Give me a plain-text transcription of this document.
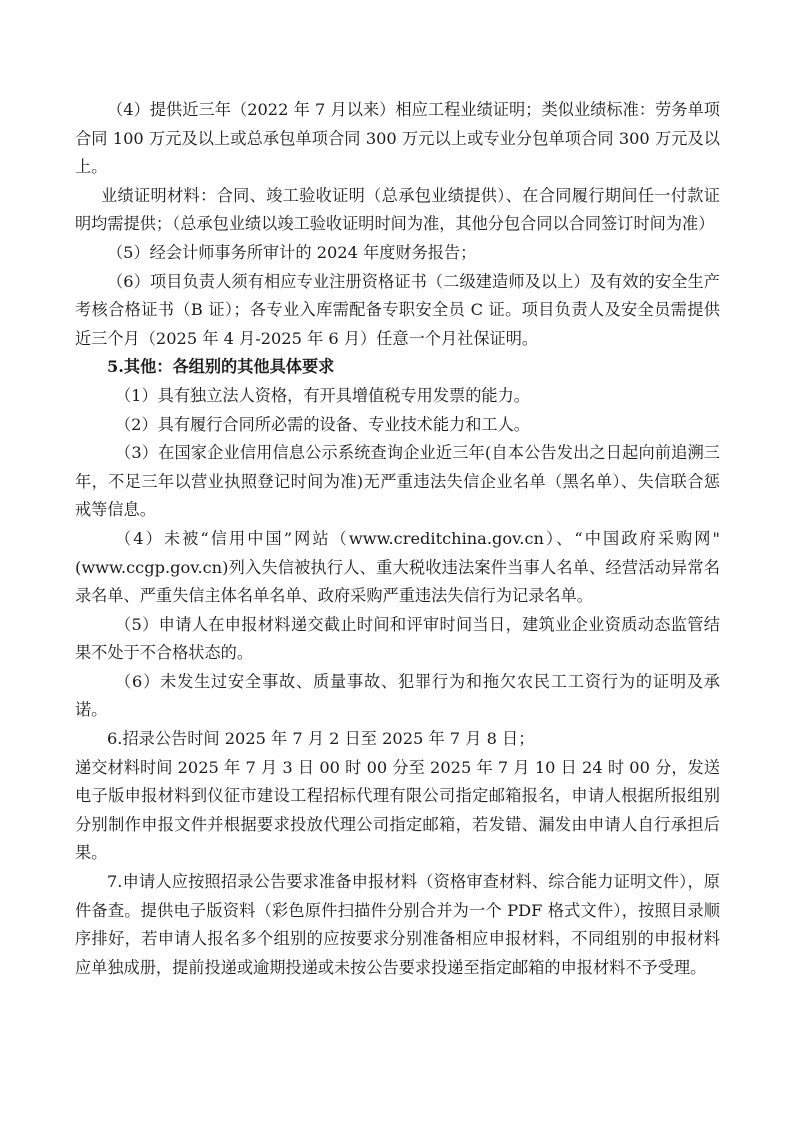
（4）提供近三年（2022 年 7 月以来）相应工程业绩证明；类似业绩标准：劳务单项合同 100 万元及以上或总承包单项合同 300 万元以上或专业分包单项合同 300 万元及以上。

业绩证明材料：合同、竣工验收证明（总承包业绩提供）、在合同履行期间任一付款证明均需提供；（总承包业绩以竣工验收证明时间为准，其他分包合同以合同签订时间为准）

（5）经会计师事务所审计的 2024 年度财务报告；

（6）项目负责人须有相应专业注册资格证书（二级建造师及以上）及有效的安全生产考核合格证书（B 证）；各专业入库需配备专职安全员 C 证。项目负责人及安全员需提供近三个月（2025 年 4 月-2025 年 6 月）任意一个月社保证明。

5.其他：各组别的其他具体要求

（1）具有独立法人资格，有开具增值税专用发票的能力。

（2）具有履行合同所必需的设备、专业技术能力和工人。

（3）在国家企业信用信息公示系统查询企业近三年(自本公告发出之日起向前追溯三年，不足三年以营业执照登记时间为准)无严重违法失信企业名单（黑名单）、失信联合惩戒等信息。

（4）未被“信用中国”网站（www.creditchina.gov.cn）、“中国政府采购网"(www.ccgp.gov.cn)列入失信被执行人、重大税收违法案件当事人名单、经营活动异常名录名单、严重失信主体名单名单、政府采购严重违法失信行为记录名单。

（5）申请人在申报材料递交截止时间和评审时间当日，建筑业企业资质动态监管结果不处于不合格状态的。

（6）未发生过安全事故、质量事故、犯罪行为和拖欠农民工工资行为的证明及承诺。

6.招录公告时间 2025 年 7 月 2 日至 2025 年 7 月 8 日；

递交材料时间 2025 年 7 月 3 日 00 时 00 分至 2025 年 7 月 10 日 24 时 00 分，发送电子版申报材料到仪征市建设工程招标代理有限公司指定邮箱报名，申请人根据所报组别分别制作申报文件并根据要求投放代理公司指定邮箱，若发错、漏发由申请人自行承担后果。

7.申请人应按照招录公告要求准备申报材料（资格审查材料、综合能力证明文件），原件备查。提供电子版资料（彩色原件扫描件分别合并为一个 PDF 格式文件），按照目录顺序排好，若申请人报名多个组别的应按要求分别准备相应申报材料，不同组别的申报材料应单独成册，提前投递或逾期投递或未按公告要求投递至指定邮箱的申报材料不予受理。
